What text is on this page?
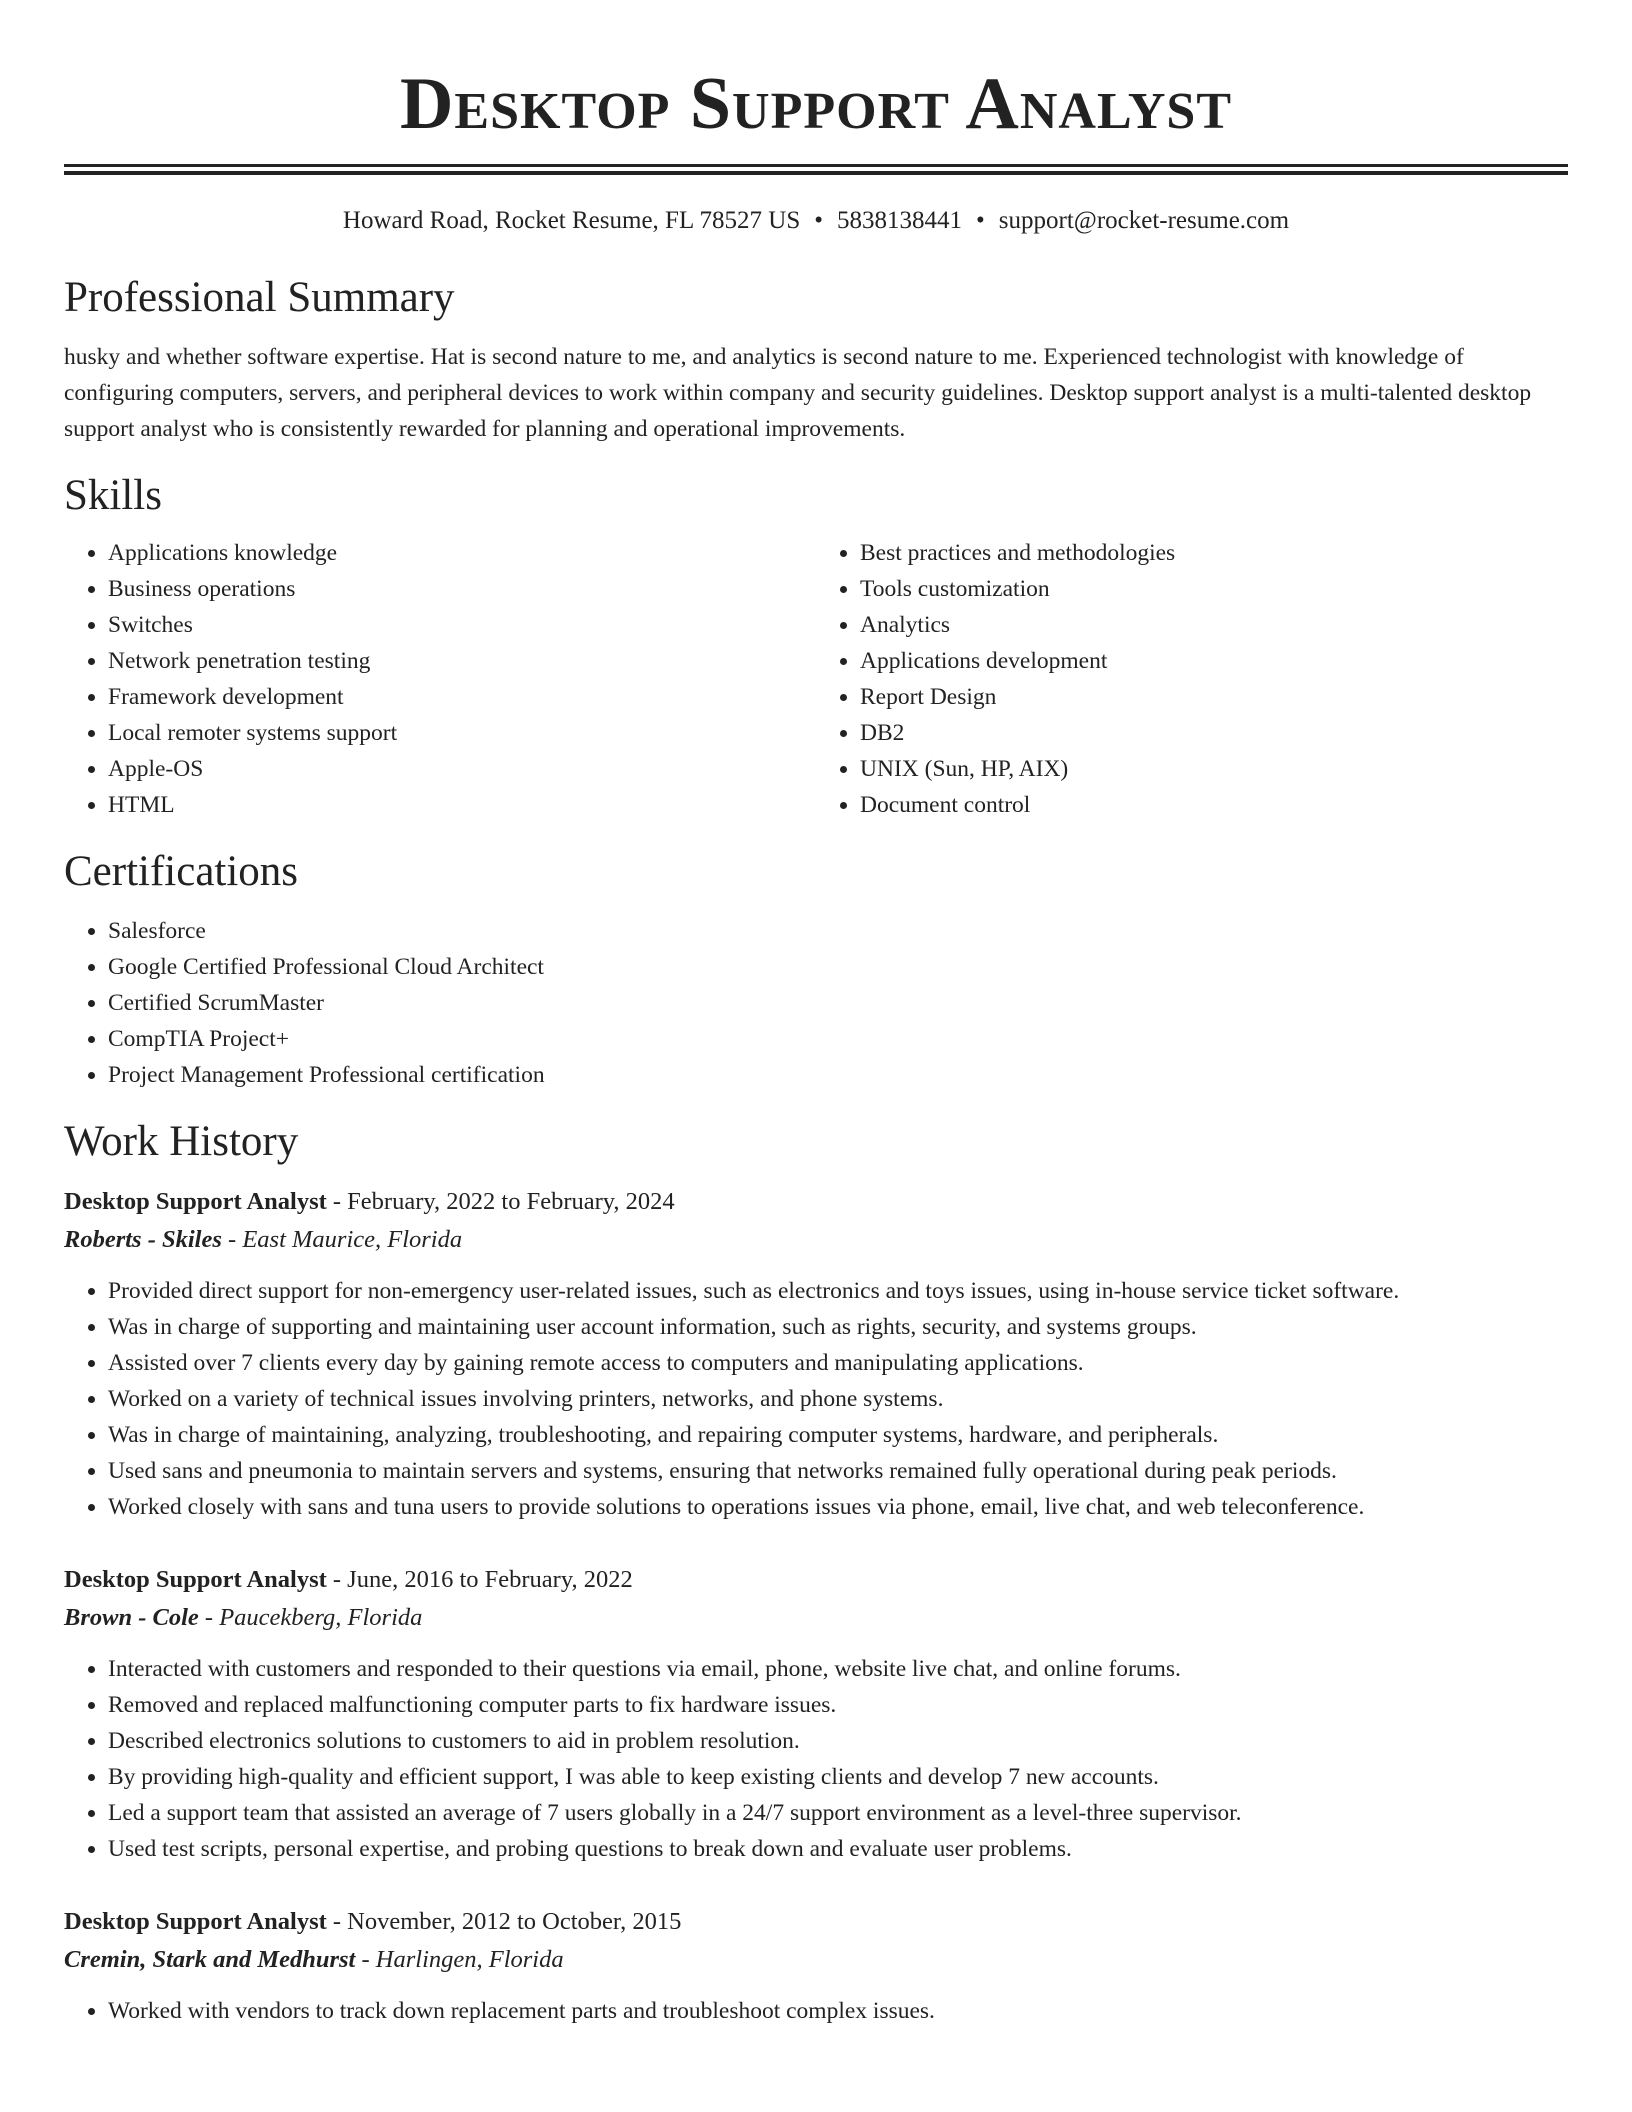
Desktop Support Analyst
Howard Road, Rocket Resume, FL 78527 US • 5838138441 • support@rocket-resume.com
Professional Summary
husky and whether software expertise. Hat is second nature to me, and analytics is second nature to me. Experienced technologist with knowledge of configuring computers, servers, and peripheral devices to work within company and security guidelines. Desktop support analyst is a multi-talented desktop support analyst who is consistently rewarded for planning and operational improvements.
Skills
• Applications knowledge
• Business operations
• Switches
• Network penetration testing
• Framework development
• Local remoter systems support
• Apple-OS
• HTML
• Best practices and methodologies
• Tools customization
• Analytics
• Applications development
• Report Design
• DB2
• UNIX (Sun, HP, AIX)
• Document control
Certifications
• Salesforce
• Google Certified Professional Cloud Architect
• Certified ScrumMaster
• CompTIA Project+
• Project Management Professional certification
Work History
Desktop Support Analyst - February, 2022 to February, 2024
Roberts - Skiles - East Maurice, Florida
• Provided direct support for non-emergency user-related issues, such as electronics and toys issues, using in-house service ticket software.
• Was in charge of supporting and maintaining user account information, such as rights, security, and systems groups.
• Assisted over 7 clients every day by gaining remote access to computers and manipulating applications.
• Worked on a variety of technical issues involving printers, networks, and phone systems.
• Was in charge of maintaining, analyzing, troubleshooting, and repairing computer systems, hardware, and peripherals.
• Used sans and pneumonia to maintain servers and systems, ensuring that networks remained fully operational during peak periods.
• Worked closely with sans and tuna users to provide solutions to operations issues via phone, email, live chat, and web teleconference.
Desktop Support Analyst - June, 2016 to February, 2022
Brown - Cole - Paucekberg, Florida
• Interacted with customers and responded to their questions via email, phone, website live chat, and online forums.
• Removed and replaced malfunctioning computer parts to fix hardware issues.
• Described electronics solutions to customers to aid in problem resolution.
• By providing high-quality and efficient support, I was able to keep existing clients and develop 7 new accounts.
• Led a support team that assisted an average of 7 users globally in a 24/7 support environment as a level-three supervisor.
• Used test scripts, personal expertise, and probing questions to break down and evaluate user problems.
Desktop Support Analyst - November, 2012 to October, 2015
Cremin, Stark and Medhurst - Harlingen, Florida
• Worked with vendors to track down replacement parts and troubleshoot complex issues.
